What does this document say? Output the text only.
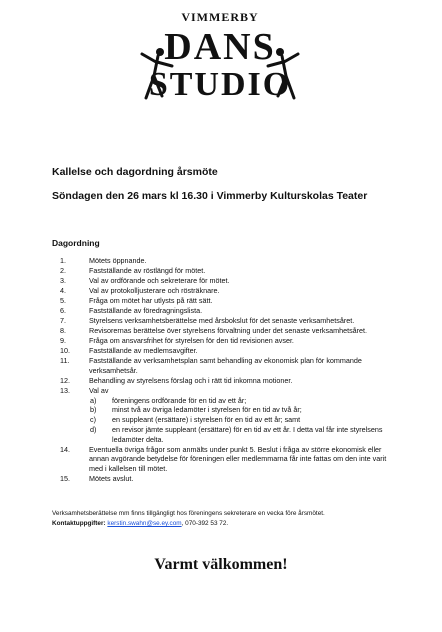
VIMMERBY
DANS
STUDIO
Kallelse och dagordning årsmöte
Söndagen den 26 mars kl 16.30 i Vimmerby Kulturskolas Teater
Dagordning
1.	Mötets öppnande.
2.	Fastställande av röstlängd för mötet.
3.	Val av ordförande och sekreterare för mötet.
4.	Val av protokolljusterare och rösträknare.
5.	Fråga om mötet har utlysts på rätt sätt.
6.	Fastställande av föredragningslista.
7.	Styrelsens verksamhetsberättelse med årsbokslut för det senaste verksamhetsåret.
8.	Revisorernas berättelse över styrelsens förvaltning under det senaste verksamhetsåret.
9.	Fråga om ansvarsfrihet för styrelsen för den tid revisionen avser.
10.	Fastställande av medlemsavgifter.
11.	Fastställande av verksamhetsplan samt behandling av ekonomisk plan för kommande verksamhetsår.
12.	Behandling av styrelsens förslag och i rätt tid inkomna motioner.
13.	Val av
a) föreningens ordförande för en tid av ett år;
b) minst två av övriga ledamöter i styrelsen för en tid av två år;
c) en suppleant (ersättare) i styrelsen för en tid av ett år; samt
d) en revisor jämte suppleant (ersättare) för en tid av ett år. I detta val får inte styrelsens ledamöter delta.
14.	Eventuella övriga frågor som anmälts under punkt 5. Beslut i fråga av större ekonomisk eller annan avgörande betydelse för föreningen eller medlemmarna får inte fattas om den inte varit med i kallelsen till mötet.
15.	Mötets avslut.
Verksamhetsberättelse mm finns tillgängligt hos föreningens sekreterare en vecka före årsmötet.
Kontaktuppgifter: kerstin.swahn@se.ey.com, 070-392 53 72.
Varmt välkommen!
